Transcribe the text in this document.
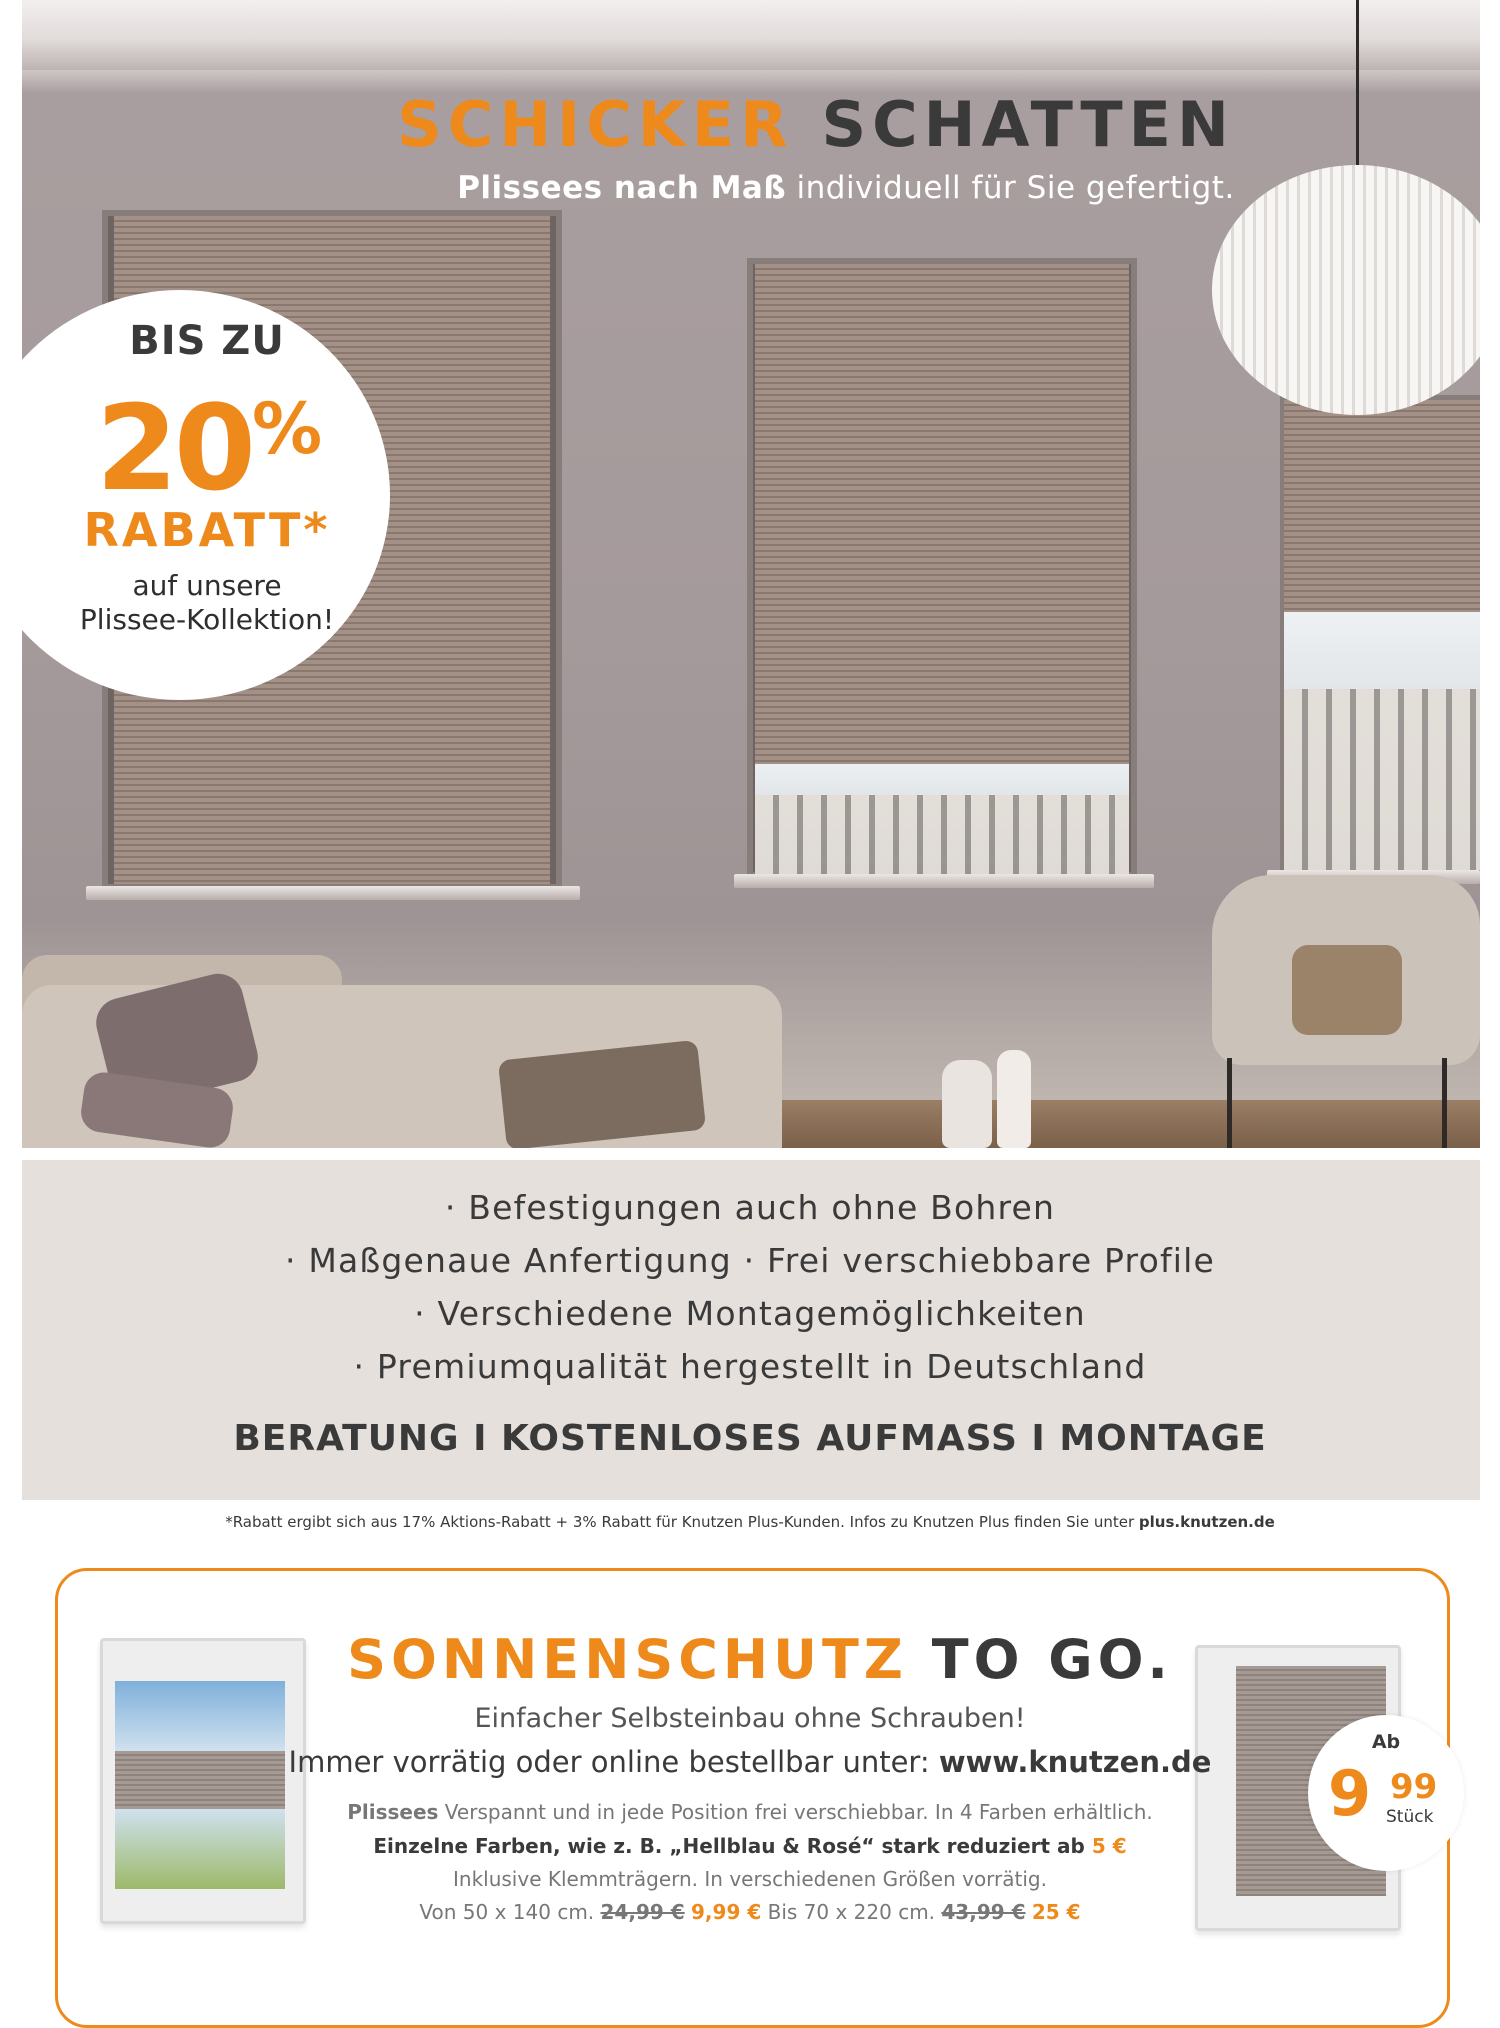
SCHICKER SCHATTEN
Plissees nach Maß individuell für Sie gefertigt.
BIS ZU
20%
RABATT*
auf unsere
Plissee-Kollektion!
· Befestigungen auch ohne Bohren
· Maßgenaue Anfertigung · Frei verschiebbare Profile
· Verschiedene Montagemöglichkeiten
· Premiumqualität hergestellt in Deutschland
BERATUNG I KOSTENLOSES AUFMASS I MONTAGE
*Rabatt ergibt sich aus 17% Aktions-Rabatt + 3% Rabatt für Knutzen Plus-Kunden. Infos zu Knutzen Plus finden Sie unter plus.knutzen.de
SONNENSCHUTZ TO GO.
Einfacher Selbsteinbau ohne Schrauben!
Immer vorrätig oder online bestellbar unter: www.knutzen.de
Plissees Verspannt und in jede Position frei verschiebbar. In 4 Farben erhältlich.
Einzelne Farben, wie z. B. „Hellblau & Rosé“ stark reduziert ab 5 €
Inklusive Klemmträgern. In verschiedenen Größen vorrätig.
Von 50 x 140 cm. 24,99 € 9,99 € Bis 70 x 220 cm. 43,99 € 25 €
Ab
9 99
Stück
